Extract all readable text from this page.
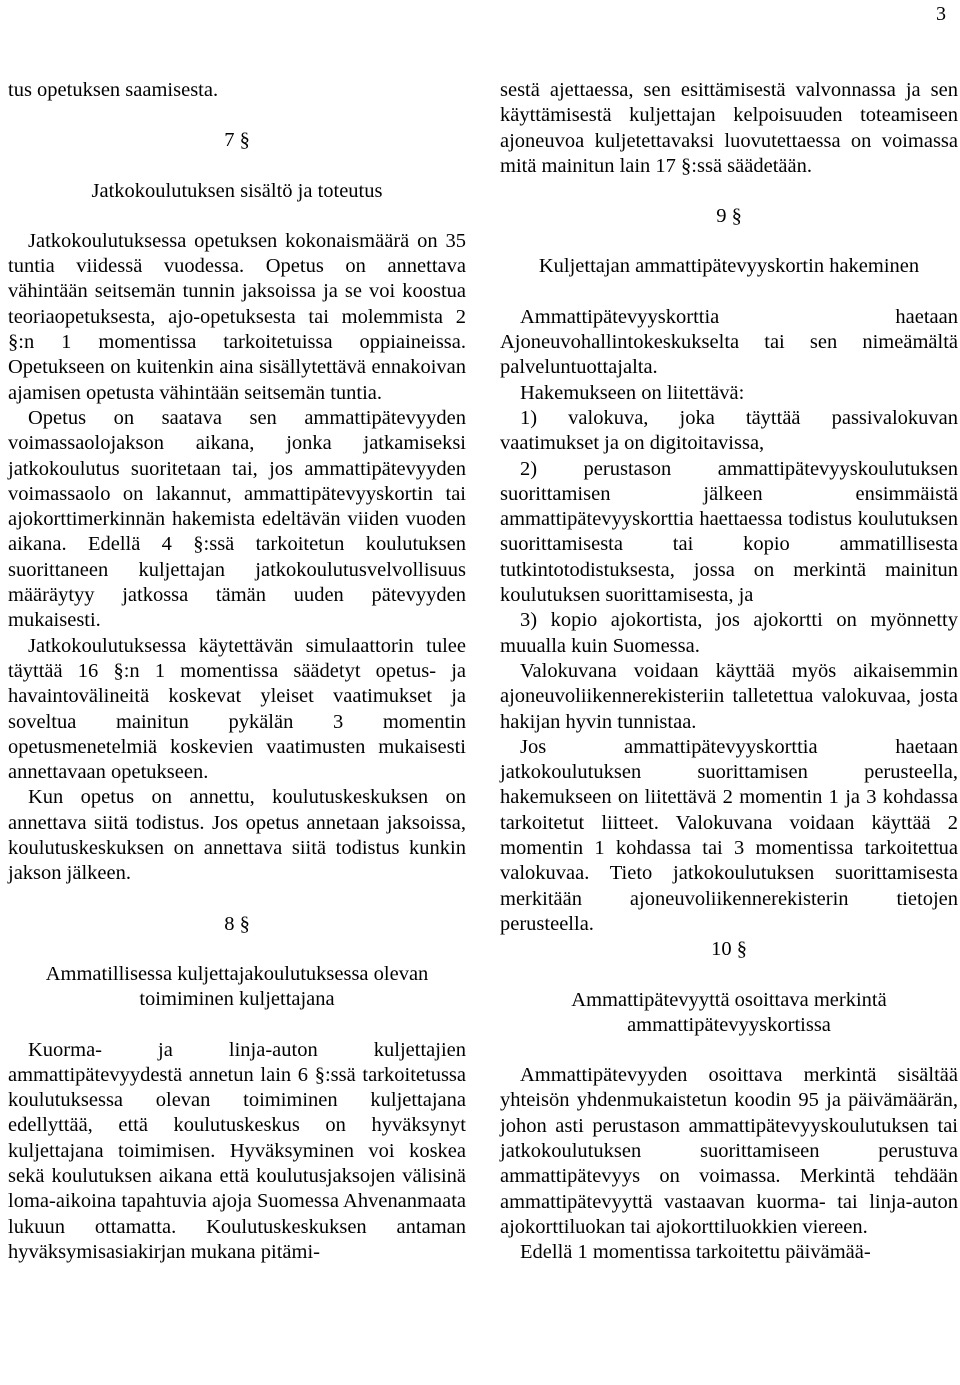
3

tus opetuksen saamisesta.

7 §

Jatkokoulutuksen sisältö ja toteutus

Jatkokoulutuksessa opetuksen kokonaismäärä on 35 tuntia viidessä vuodessa. Opetus on annettava vähintään seitsemän tunnin jaksoissa ja se voi koostua teoriaopetuksesta, ajo-opetuksesta tai molemmista 2 §:n 1 momentissa tarkoitetuissa oppiaineissa. Opetukseen on kuitenkin aina sisällytettävä ennakoivan ajamisen opetusta vähintään seitsemän tuntia.

Opetus on saatava sen ammattipätevyyden voimassaolojakson aikana, jonka jatkamiseksi jatkokoulutus suoritetaan tai, jos ammattipätevyyden voimassaolo on lakannut, ammattipätevyyskortin tai ajokorttimerkinnän hakemista edeltävän viiden vuoden aikana. Edellä 4 §:ssä tarkoitetun koulutuksen suorittaneen kuljettajan jatkokoulutusvelvollisuus määräytyy jatkossa tämän uuden pätevyyden mukaisesti.

Jatkokoulutuksessa käytettävän simulaattorin tulee täyttää 16 §:n 1 momentissa säädetyt opetus- ja havaintovälineitä koskevat yleiset vaatimukset ja soveltua mainitun pykälän 3 momentin opetusmenetelmiä koskevien vaatimusten mukaisesti annettavaan opetukseen.

Kun opetus on annettu, koulutuskeskuksen on annettava siitä todistus. Jos opetus annetaan jaksoissa, koulutuskeskuksen on annettava siitä todistus kunkin jakson jälkeen.

8 §

Ammatillisessa kuljettajakoulutuksessa olevan toimiminen kuljettajana

Kuorma- ja linja-auton kuljettajien ammattipätevyydestä annetun lain 6 §:ssä tarkoitetussa koulutuksessa olevan toimiminen kuljettajana edellyttää, että koulutuskeskus on hyväksynyt kuljettajana toimimisen. Hyväksyminen voi koskea sekä koulutuksen aikana että koulutusjaksojen välisinä loma-aikoina tapahtuvia ajoja Suomessa Ahvenanmaata lukuun ottamatta. Koulutuskeskuksen antaman hyväksymisasiakirjan mukana pitämi-

sestä ajettaessa, sen esittämisestä valvonnassa ja sen käyttämisestä kuljettajan kelpoisuuden toteamiseen ajoneuvoa kuljetettavaksi luovutettaessa on voimassa mitä mainitun lain 17 §:ssä säädetään.

9 §

Kuljettajan ammattipätevyyskortin hakeminen

Ammattipätevyyskorttia haetaan Ajoneuvohallintokeskukselta tai sen nimeämältä palveluntuottajalta.

Hakemukseen on liitettävä:

1) valokuva, joka täyttää passivalokuvan vaatimukset ja on digitoitavissa,

2) perustason ammattipätevyyskoulutuksen suorittamisen jälkeen ensimmäistä ammattipätevyyskorttia haettaessa todistus koulutuksen suorittamisesta tai kopio ammatillisesta tutkintotodistuksesta, jossa on merkintä mainitun koulutuksen suorittamisesta, ja

3) kopio ajokortista, jos ajokortti on myönnetty muualla kuin Suomessa.

Valokuvana voidaan käyttää myös aikaisemmin ajoneuvoliikennerekisteriin talletettua valokuvaa, josta hakijan hyvin tunnistaa.

Jos ammattipätevyyskorttia haetaan jatkokoulutuksen suorittamisen perusteella, hakemukseen on liitettävä 2 momentin 1 ja 3 kohdassa tarkoitetut liitteet. Valokuvana voidaan käyttää 2 momentin 1 kohdassa tai 3 momentissa tarkoitettua valokuvaa. Tieto jatkokoulutuksen suorittamisesta merkitään ajoneuvoliikennerekisterin tietojen perusteella.

10 §

Ammattipätevyyttä osoittava merkintä ammattipätevyyskortissa

Ammattipätevyyden osoittava merkintä sisältää yhteisön yhdenmukaistetun koodin 95 ja päivämäärän, johon asti perustason ammattipätevyyskoulutuksen tai jatkokoulutuksen suorittamiseen perustuva ammattipätevyys on voimassa. Merkintä tehdään ammattipätevyyttä vastaavan kuorma- tai linja-auton ajokorttiluokan tai ajokorttiluokkien viereen.

Edellä 1 momentissa tarkoitettu päivämää-
